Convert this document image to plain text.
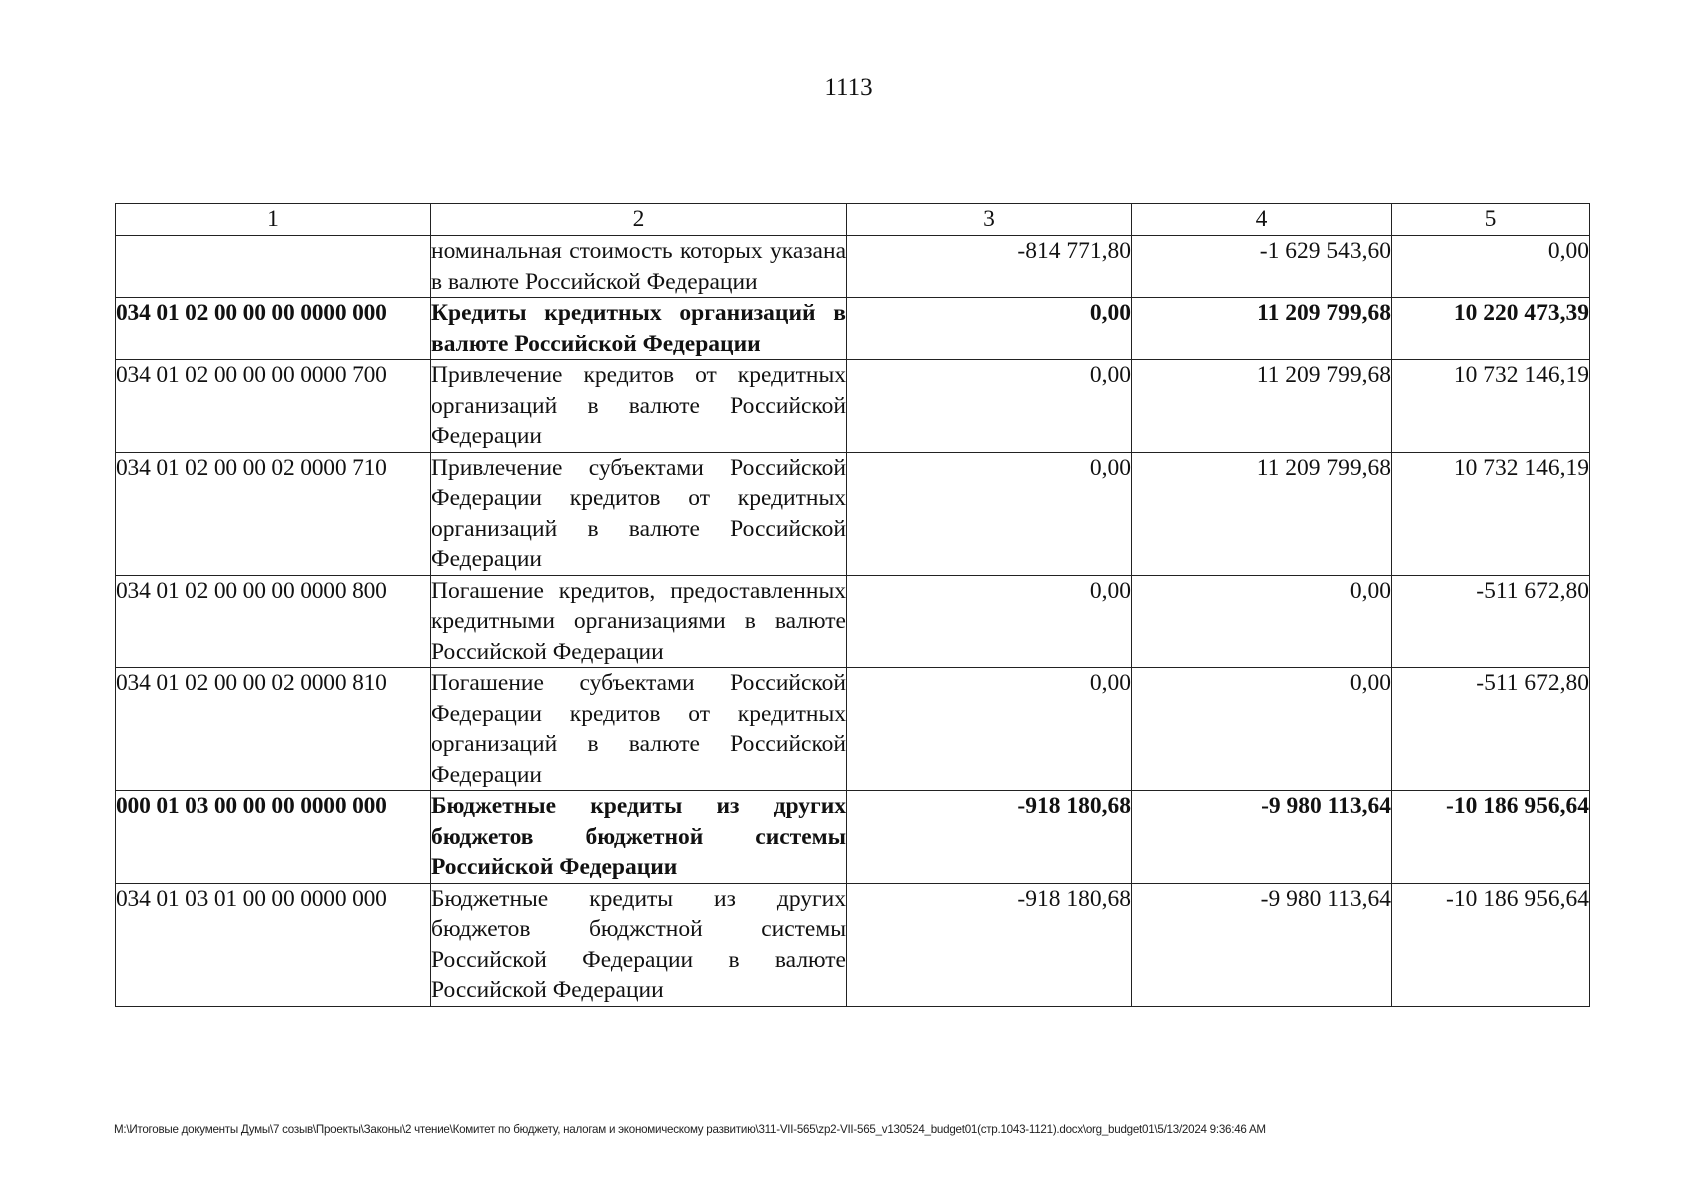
1113
1	2	3	4	5
	номинальная стоимость которых указана в валюте Российской Федерации	-814 771,80	-1 629 543,60	0,00
034 01 02 00 00 00 0000 000	Кредиты кредитных организаций в валюте Российской Федерации	0,00	11 209 799,68	10 220 473,39
034 01 02 00 00 00 0000 700	Привлечение кредитов от кредитных организаций в валюте Российской Федерации	0,00	11 209 799,68	10 732 146,19
034 01 02 00 00 02 0000 710	Привлечение субъектами Российской Федерации кредитов от кредитных организаций в валюте Российской Федерации	0,00	11 209 799,68	10 732 146,19
034 01 02 00 00 00 0000 800	Погашение кредитов, предоставленных кредитными организациями в валюте Российской Федерации	0,00	0,00	-511 672,80
034 01 02 00 00 02 0000 810	Погашение субъектами Российской Федерации кредитов от кредитных организаций в валюте Российской Федерации	0,00	0,00	-511 672,80
000 01 03 00 00 00 0000 000	Бюджетные кредиты из других бюджетов бюджетной системы Российской Федерации	-918 180,68	-9 980 113,64	-10 186 956,64
034 01 03 01 00 00 0000 000	Бюджетные кредиты из других бюджетов бюджстной системы Российской Федерации в валюте Российской Федерации	-918 180,68	-9 980 113,64	-10 186 956,64
M:\Итоговые документы Думы\7 созыв\Проекты\Законы\2 чтение\Комитет по бюджету, налогам и экономическому развитию\311-VII-565\zp2-VII-565_v130524_budget01(стр.1043-1121).docx\org_budget01\5/13/2024 9:36:46 AM
